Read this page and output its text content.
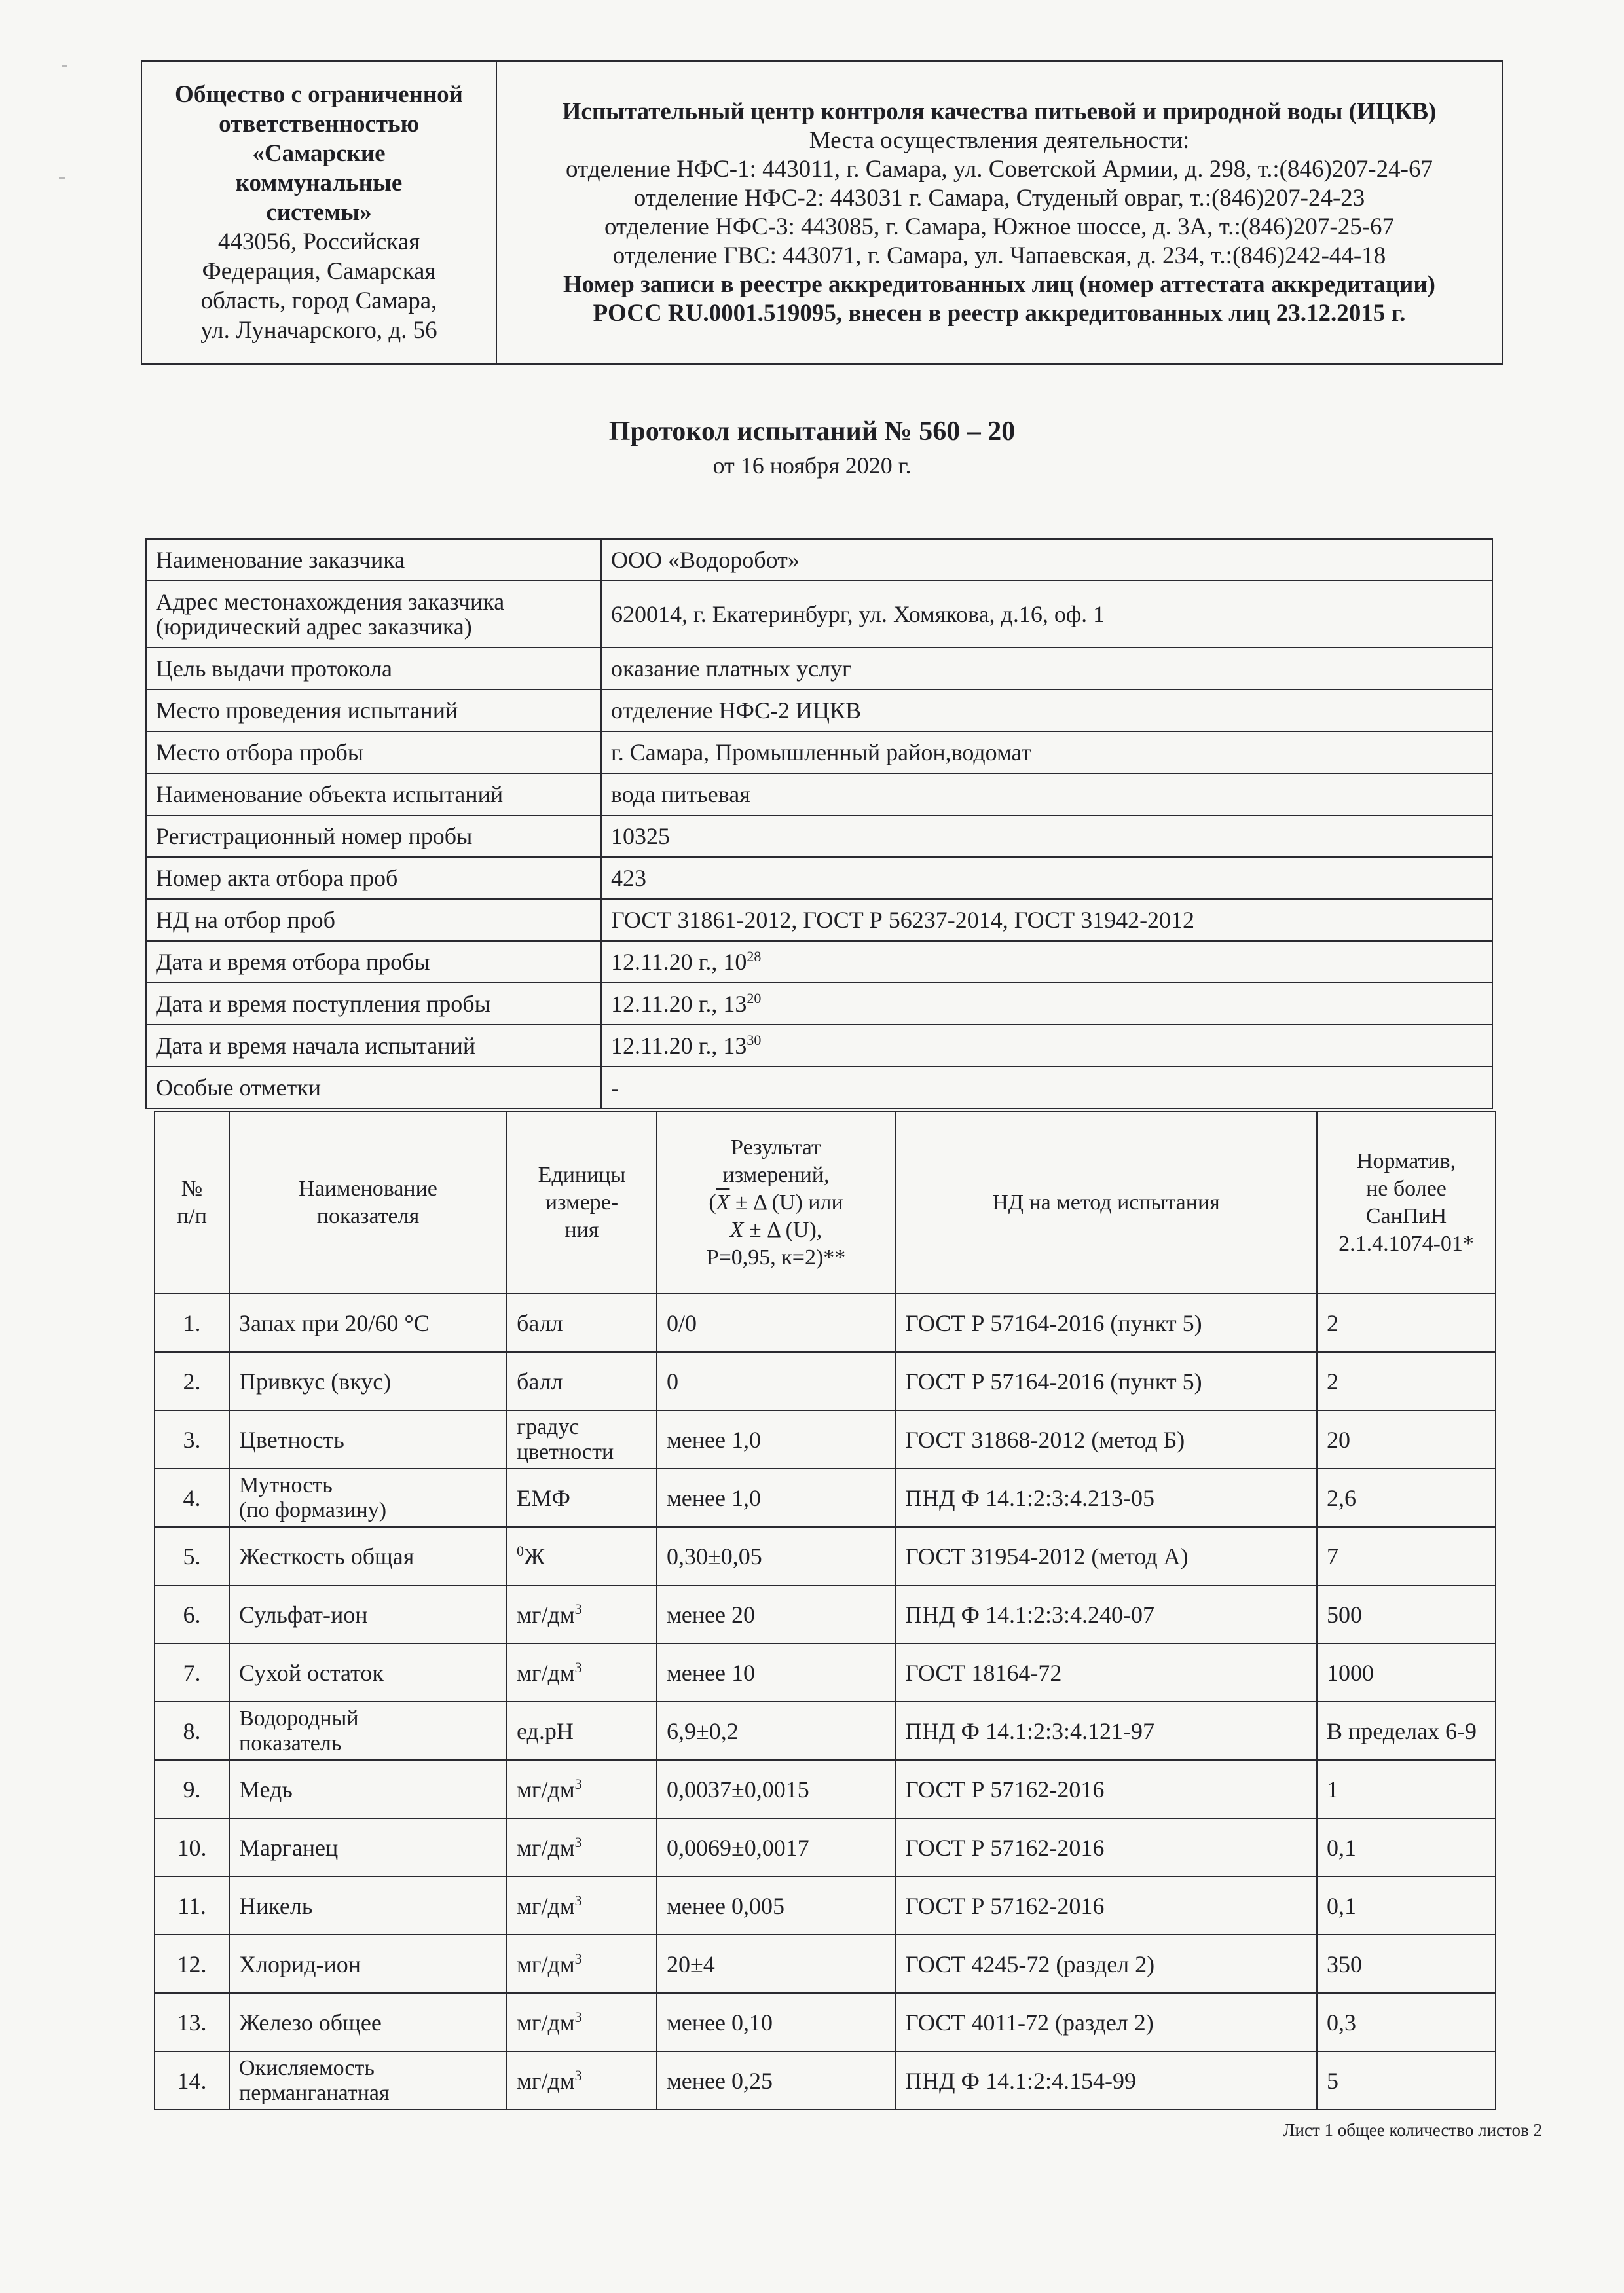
Общество с ограниченной
ответственностью
«Самарские
коммунальные
системы»
443056, Российская
Федерация, Самарская
область, город Самара,
ул. Луначарского, д. 56

Испытательный центр контроля качества питьевой и природной воды (ИЦКВ)
Места осуществления деятельности:
отделение НФС-1: 443011, г. Самара, ул. Советской Армии, д. 298, т.:(846)207-24-67
отделение НФС-2: 443031 г. Самара, Студеный овраг, т.:(846)207-24-23
отделение НФС-3: 443085, г. Самара, Южное шоссе, д. 3А, т.:(846)207-25-67
отделение ГВС: 443071, г. Самара, ул. Чапаевская, д. 234, т.:(846)242-44-18
Номер записи в реестре аккредитованных лиц (номер аттестата аккредитации)
РОСС RU.0001.519095, внесен в реестр аккредитованных лиц 23.12.2015 г.
Протокол испытаний № 560 – 20
от 16 ноября 2020 г.
Наименование заказчика	ООО «Водоробот»
Адрес местонахождения заказчика
(юридический адрес заказчика)	620014, г. Екатеринбург, ул. Хомякова, д.16, оф. 1
Цель выдачи протокола	оказание платных услуг
Место проведения испытаний	отделение НФС-2 ИЦКВ
Место отбора пробы	г. Самара, Промышленный район,водомат
Наименование объекта испытаний	вода питьевая
Регистрационный номер пробы	10325
Номер акта отбора проб	423
НД на отбор проб	ГОСТ 31861-2012, ГОСТ Р 56237-2014, ГОСТ 31942-2012
Дата и время отбора пробы	12.11.20 г., $10^{28}$
Дата и время поступления пробы	12.11.20 г., $13^{20}$
Дата и время начала испытаний	12.11.20 г., $13^{30}$
Особые отметки	-
№
п/п	Наименование
показателя	Единицы
измере-
ния	Результат
измерений,
($\overline{X} \pm \Delta$ (U) или
X ± Δ (U),
P=0,95, к=2)**	НД на метод испытания	Норматив,
не более
СанПиН
2.1.4.1074-01*
1.	Запах при 20/60 °С	балл	0/0	ГОСТ Р 57164-2016 (пункт 5)	2
2.	Привкус (вкус)	балл	0	ГОСТ Р 57164-2016 (пункт 5)	2
3.	Цветность	градус
цветности	менее 1,0	ГОСТ 31868-2012 (метод Б)	20
4.	Мутность
(по формазину)	ЕМФ	менее 1,0	ПНД Ф 14.1:2:3:4.213-05	2,6
5.	Жесткость общая	$^0$Ж	0,30±0,05	ГОСТ 31954-2012 (метод А)	7
6.	Сульфат-ион	$мг/дм^3$	менее 20	ПНД Ф 14.1:2:3:4.240-07	500
7.	Сухой остаток	$мг/дм^3$	менее 10	ГОСТ 18164-72	1000
8.	Водородный
показатель	ед.pH	6,9±0,2	ПНД Ф 14.1:2:3:4.121-97	В пределах 6-9
9.	Медь	$мг/дм^3$	0,0037±0,0015	ГОСТ Р 57162-2016	1
10.	Марганец	$мг/дм^3$	0,0069±0,0017	ГОСТ Р 57162-2016	0,1
11.	Никель	$мг/дм^3$	менее 0,005	ГОСТ Р 57162-2016	0,1
12.	Хлорид-ион	$мг/дм^3$	20±4	ГОСТ 4245-72 (раздел 2)	350
13.	Железо общее	$мг/дм^3$	менее 0,10	ГОСТ 4011-72 (раздел 2)	0,3
14.	Окисляемость
перманганатная	$мг/дм^3$	менее 0,25	ПНД Ф 14.1:2:4.154-99	5
Лист 1 общее количество листов 2
